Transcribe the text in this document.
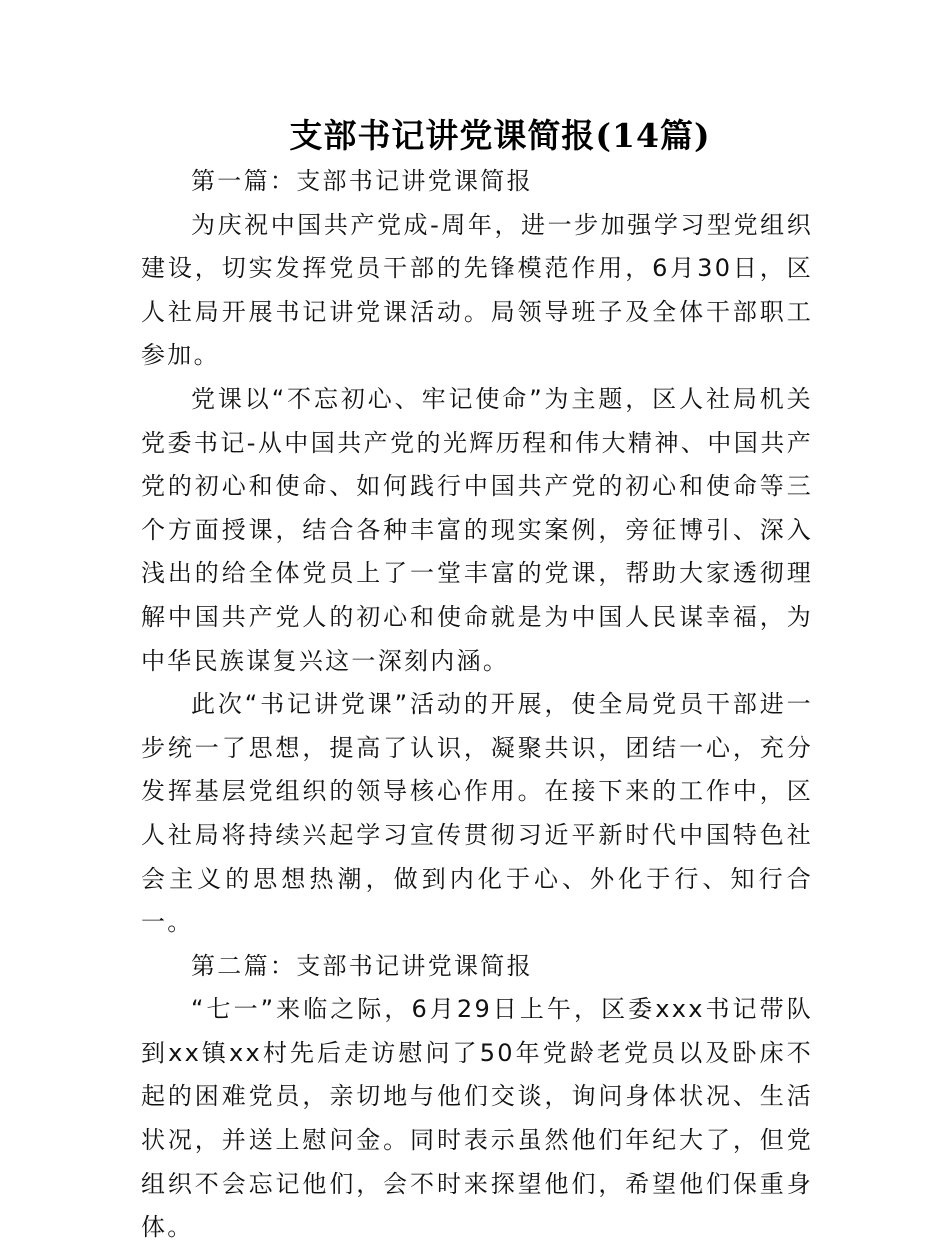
支部书记讲党课简报(14篇)

第一篇：支部书记讲党课简报

为庆祝中国共产党成-周年，进一步加强学习型党组织建设，切实发挥党员干部的先锋模范作用，6月30日，区人社局开展书记讲党课活动。局领导班子及全体干部职工参加。

党课以“不忘初心、牢记使命”为主题，区人社局机关党委书记-从中国共产党的光辉历程和伟大精神、中国共产党的初心和使命、如何践行中国共产党的初心和使命等三个方面授课，结合各种丰富的现实案例，旁征博引、深入浅出的给全体党员上了一堂丰富的党课，帮助大家透彻理解中国共产党人的初心和使命就是为中国人民谋幸福，为中华民族谋复兴这一深刻内涵。

此次“书记讲党课”活动的开展，使全局党员干部进一步统一了思想，提高了认识，凝聚共识，团结一心，充分发挥基层党组织的领导核心作用。在接下来的工作中，区人社局将持续兴起学习宣传贯彻习近平新时代中国特色社会主义的思想热潮，做到内化于心、外化于行、知行合一。

第二篇：支部书记讲党课简报

“七一”来临之际，6月29日上午，区委xxx书记带队到xx镇xx村先后走访慰问了50年党龄老党员以及卧床不起的困难党员，亲切地与他们交谈，询问身体状况、生活状况，并送上慰问金。同时表示虽然他们年纪大了，但党组织不会忘记他们，会不时来探望他们，希望他们保重身体。
